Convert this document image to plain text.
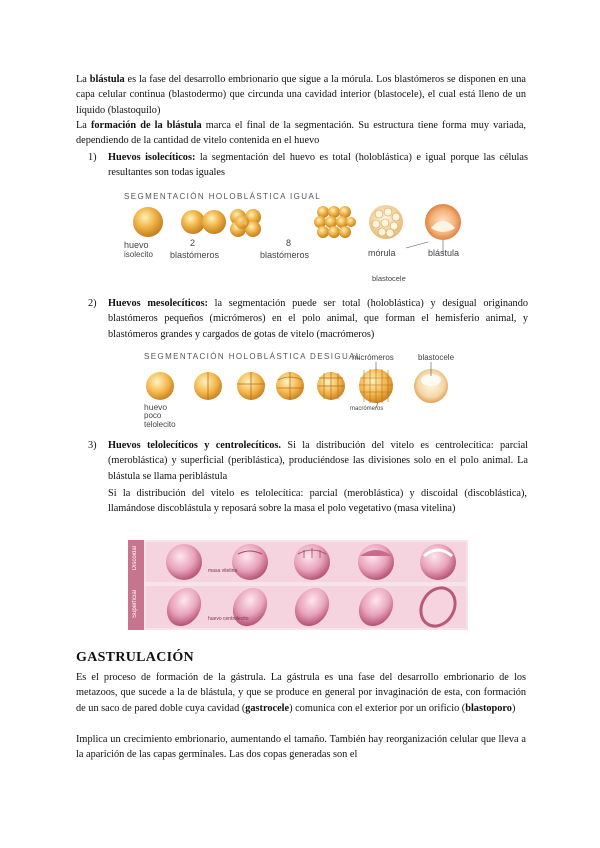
La blástula es la fase del desarrollo embrionario que sigue a la mórula. Los blastómeros se disponen en una capa celular continua (blastodermo) que circunda una cavidad interior (blastocele), el cual está lleno de un líquido (blastoquilo)

La formación de la blástula marca el final de la segmentación. Su estructura tiene forma muy variada, dependiendo de la cantidad de vitelo contenida en el huevo

1)	Huevos isolecíticos: la segmentación del huevo es total (holoblástica) e igual porque las células resultantes son todas iguales
SEGMENTACIÓN HOLOBLÁSTICA IGUAL
huevo
isolecito
2
blastómeros
8
blastómeros	mórula	blástula
blastocele
2)	Huevos mesolecíticos: la segmentación puede ser total (holoblástica) y desigual originando blastómeros pequeños (micrómeros) en el polo animal, que forman el hemisferio animal, y blastómeros grandes y cargados de gotas de vitelo (macrómeros)
SEGMENTACIÓN HOLOBLÁSTICA DESIGUAL
huevo
poco
telolecito
micrómeros	blastocele
macrómeros
3)	Huevos telolecíticos y centrolecíticos. Si la distribución del vitelo es centrolecítica: parcial (meroblástica) y superficial (periblástica), produciéndose las divisiones solo en el polo animal. La blástula se llama periblástula
Si la distribución del vitelo es telolecítica: parcial (meroblástica) y discoidal (discoblástica), llamándose discoblástula y reposará sobre la masa el polo vegetativo (masa vitelina)
Discoidal
Superficial
masa vitelina
huevo centrolecito
GASTRULACIÓN

Es el proceso de formación de la gástrula. La gástrula es una fase del desarrollo embrionario de los metazoos, que sucede a la de blástula, y que se produce en general por invaginación de esta, con formación de un saco de pared doble cuya cavidad (gastrocele) comunica con el exterior por un orificio (blastoporo)

Implica un crecimiento embrionario, aumentando el tamaño. También hay reorganización celular que lleva a la aparición de las capas germinales. Las dos copas generadas son el
